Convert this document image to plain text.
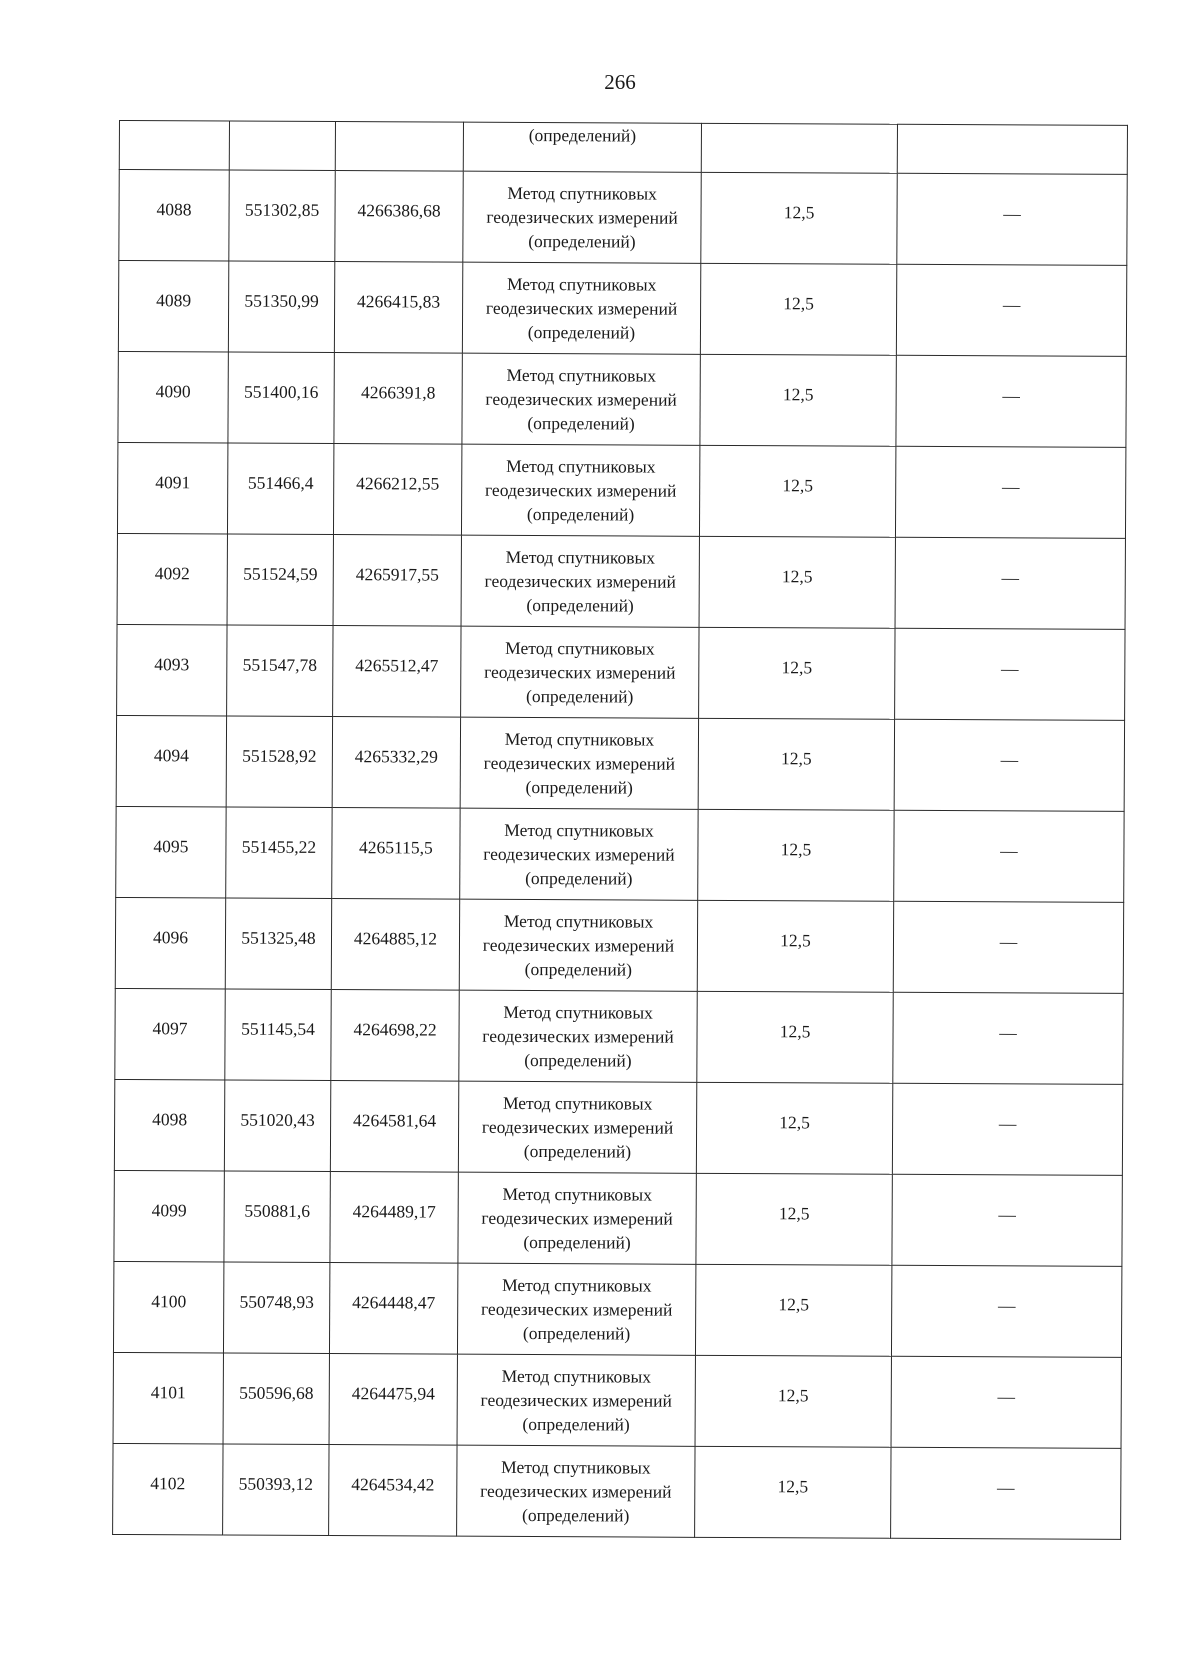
266
			(определений)		
4088	551302,85	4266386,68	Метод спутниковых
геодезических измерений
(определений)	12,5	—
4089	551350,99	4266415,83	Метод спутниковых
геодезических измерений
(определений)	12,5	—
4090	551400,16	4266391,8	Метод спутниковых
геодезических измерений
(определений)	12,5	—
4091	551466,4	4266212,55	Метод спутниковых
геодезических измерений
(определений)	12,5	—
4092	551524,59	4265917,55	Метод спутниковых
геодезических измерений
(определений)	12,5	—
4093	551547,78	4265512,47	Метод спутниковых
геодезических измерений
(определений)	12,5	—
4094	551528,92	4265332,29	Метод спутниковых
геодезических измерений
(определений)	12,5	—
4095	551455,22	4265115,5	Метод спутниковых
геодезических измерений
(определений)	12,5	—
4096	551325,48	4264885,12	Метод спутниковых
геодезических измерений
(определений)	12,5	—
4097	551145,54	4264698,22	Метод спутниковых
геодезических измерений
(определений)	12,5	—
4098	551020,43	4264581,64	Метод спутниковых
геодезических измерений
(определений)	12,5	—
4099	550881,6	4264489,17	Метод спутниковых
геодезических измерений
(определений)	12,5	—
4100	550748,93	4264448,47	Метод спутниковых
геодезических измерений
(определений)	12,5	—
4101	550596,68	4264475,94	Метод спутниковых
геодезических измерений
(определений)	12,5	—
4102	550393,12	4264534,42	Метод спутниковых
геодезических измерений
(определений)	12,5	—
